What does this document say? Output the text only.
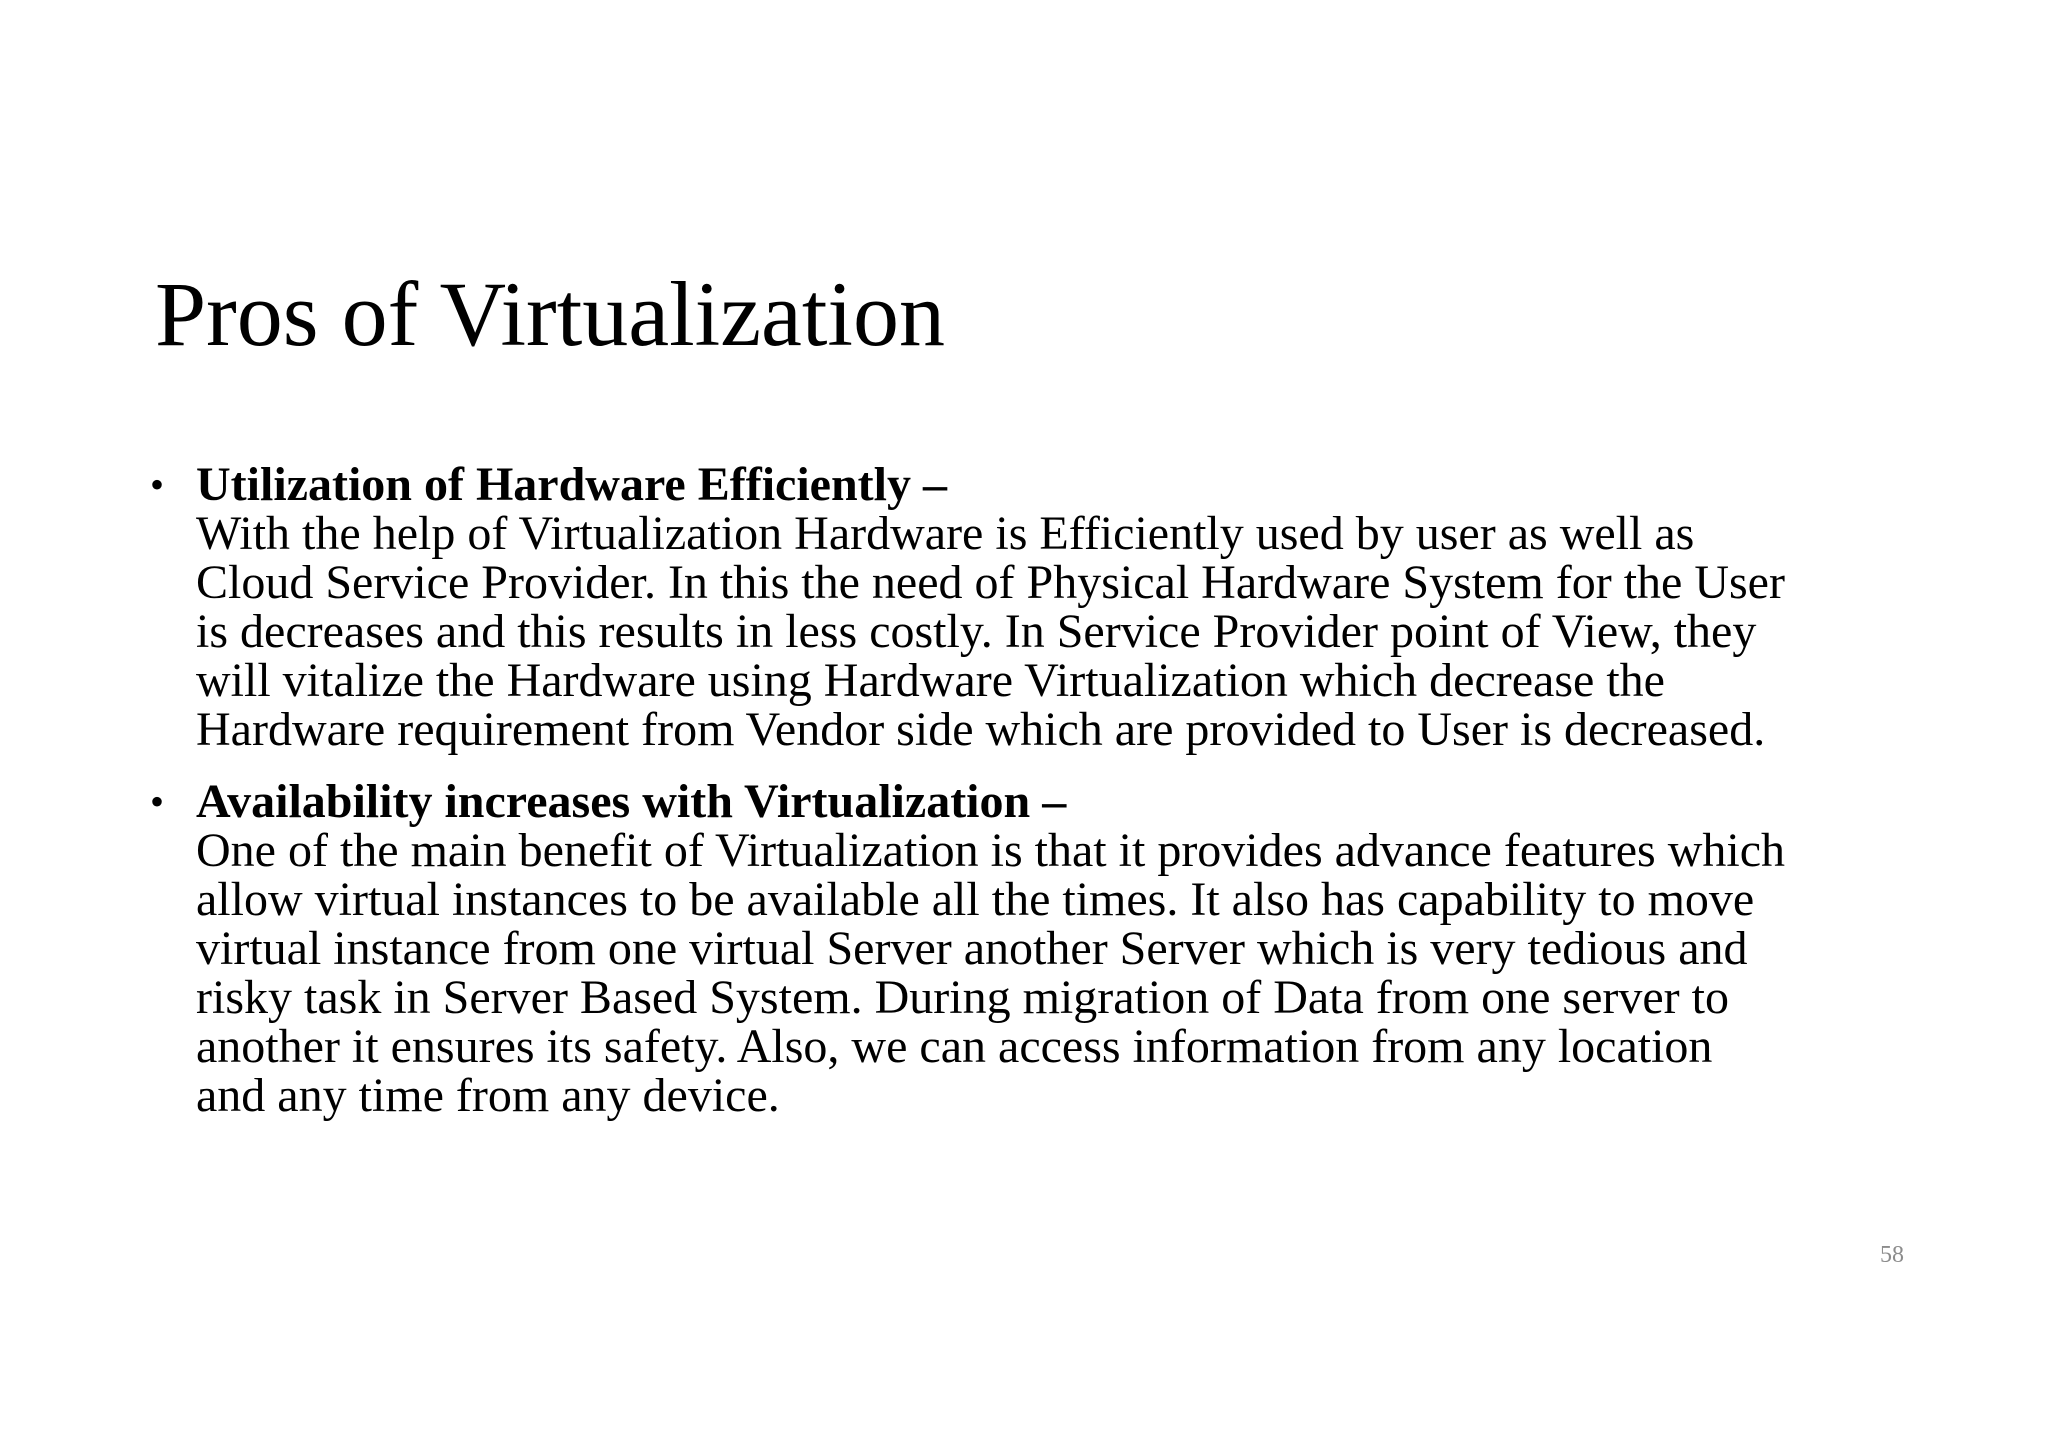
Pros of Virtualization
• Utilization of Hardware Efficiently –
With the help of Virtualization Hardware is Efficiently used by user as well as
Cloud Service Provider. In this the need of Physical Hardware System for the User
is decreases and this results in less costly. In Service Provider point of View, they
will vitalize the Hardware using Hardware Virtualization which decrease the
Hardware requirement from Vendor side which are provided to User is decreased.
• Availability increases with Virtualization –
One of the main benefit of Virtualization is that it provides advance features which
allow virtual instances to be available all the times. It also has capability to move
virtual instance from one virtual Server another Server which is very tedious and
risky task in Server Based System. During migration of Data from one server to
another it ensures its safety. Also, we can access information from any location
and any time from any device.
58
